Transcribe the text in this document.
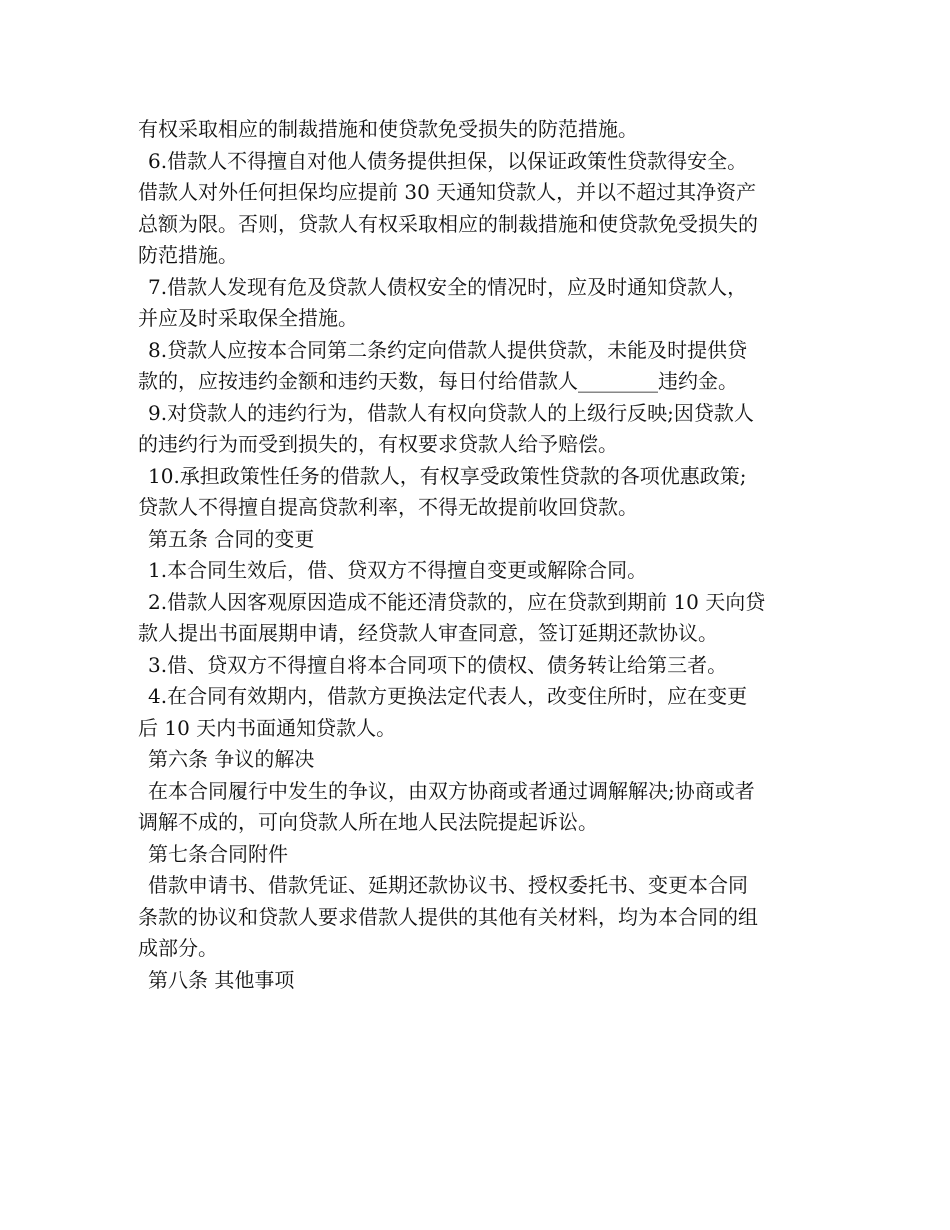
有权采取相应的制裁措施和使贷款免受损失的防范措施。
6.借款人不得擅自对他人债务提供担保，以保证政策性贷款得安全。
借款人对外任何担保均应提前 30 天通知贷款人，并以不超过其净资产
总额为限。否则，贷款人有权采取相应的制裁措施和使贷款免受损失的
防范措施。
7.借款人发现有危及贷款人债权安全的情况时，应及时通知贷款人，
并应及时采取保全措施。
8.贷款人应按本合同第二条约定向借款人提供贷款，未能及时提供贷
款的，应按违约金额和违约天数，每日付给借款人________违约金。
9.对贷款人的违约行为，借款人有权向贷款人的上级行反映;因贷款人
的违约行为而受到损失的，有权要求贷款人给予赔偿。
10.承担政策性任务的借款人，有权享受政策性贷款的各项优惠政策;
贷款人不得擅自提高贷款利率，不得无故提前收回贷款。
第五条 合同的变更
1.本合同生效后，借、贷双方不得擅自变更或解除合同。
2.借款人因客观原因造成不能还清贷款的，应在贷款到期前 10 天向贷
款人提出书面展期申请，经贷款人审查同意，签订延期还款协议。
3.借、贷双方不得擅自将本合同项下的债权、债务转让给第三者。
4.在合同有效期内，借款方更换法定代表人，改变住所时，应在变更
后 10 天内书面通知贷款人。
第六条 争议的解决
在本合同履行中发生的争议，由双方协商或者通过调解解决;协商或者
调解不成的，可向贷款人所在地人民法院提起诉讼。
第七条合同附件
借款申请书、借款凭证、延期还款协议书、授权委托书、变更本合同
条款的协议和贷款人要求借款人提供的其他有关材料，均为本合同的组
成部分。
第八条 其他事项
